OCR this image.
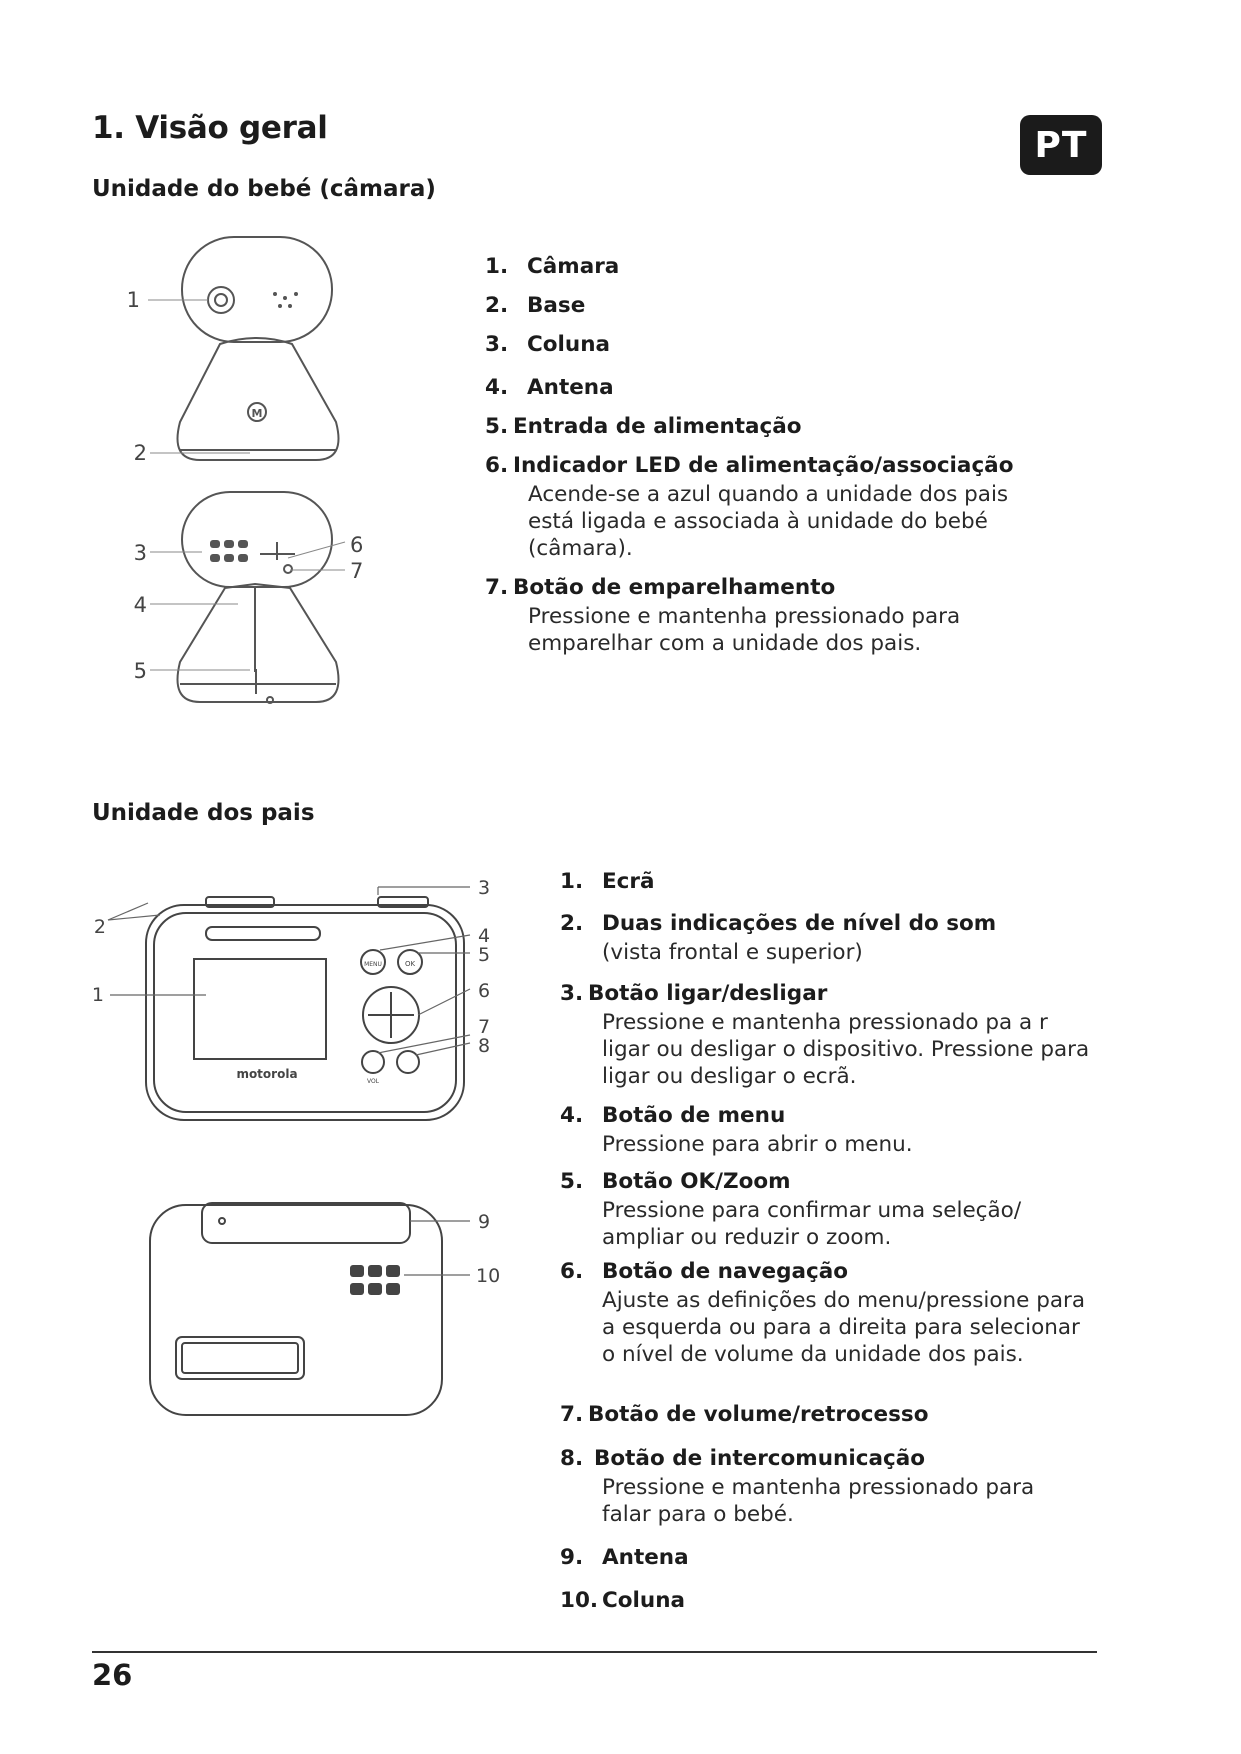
1. Visão geral	PT
Unidade do bebé (câmara)
M
1
2
3
4
5
6
7
1. Câmara
2. Base
3. Coluna
4. Antena
5. Entrada de alimentação
6. Indicador LED de alimentação/associação
Acende-se a azul quando a unidade dos pais está ligada e associada à unidade do bebé (câmara).
7. Botão de emparelhamento
Pressione e mantenha pressionado para emparelhar com a unidade dos pais.
Unidade dos pais
motorola
MENU	OK
VOL
2
1
3
4
5
6
7
8
9
10
1. Ecrã
2. Duas indicações de nível do som
(vista frontal e superior)
3. Botão ligar/desligar
Pressione e mantenha pressionado pa a r ligar ou desligar o dispositivo. Pressione para ligar ou desligar o ecrã.
4. Botão de menu
Pressione para abrir o menu.
5. Botão OK/Zoom
Pressione para confirmar uma seleção/ ampliar ou reduzir o zoom.
6. Botão de navegação
Ajuste as definições do menu/pressione para a esquerda ou para a direita para selecionar o nível de volume da unidade dos pais.
7. Botão de volume/retrocesso
8. Botão de intercomunicação
Pressione e mantenha pressionado para falar para o bebé.
9. Antena
10. Coluna
26
